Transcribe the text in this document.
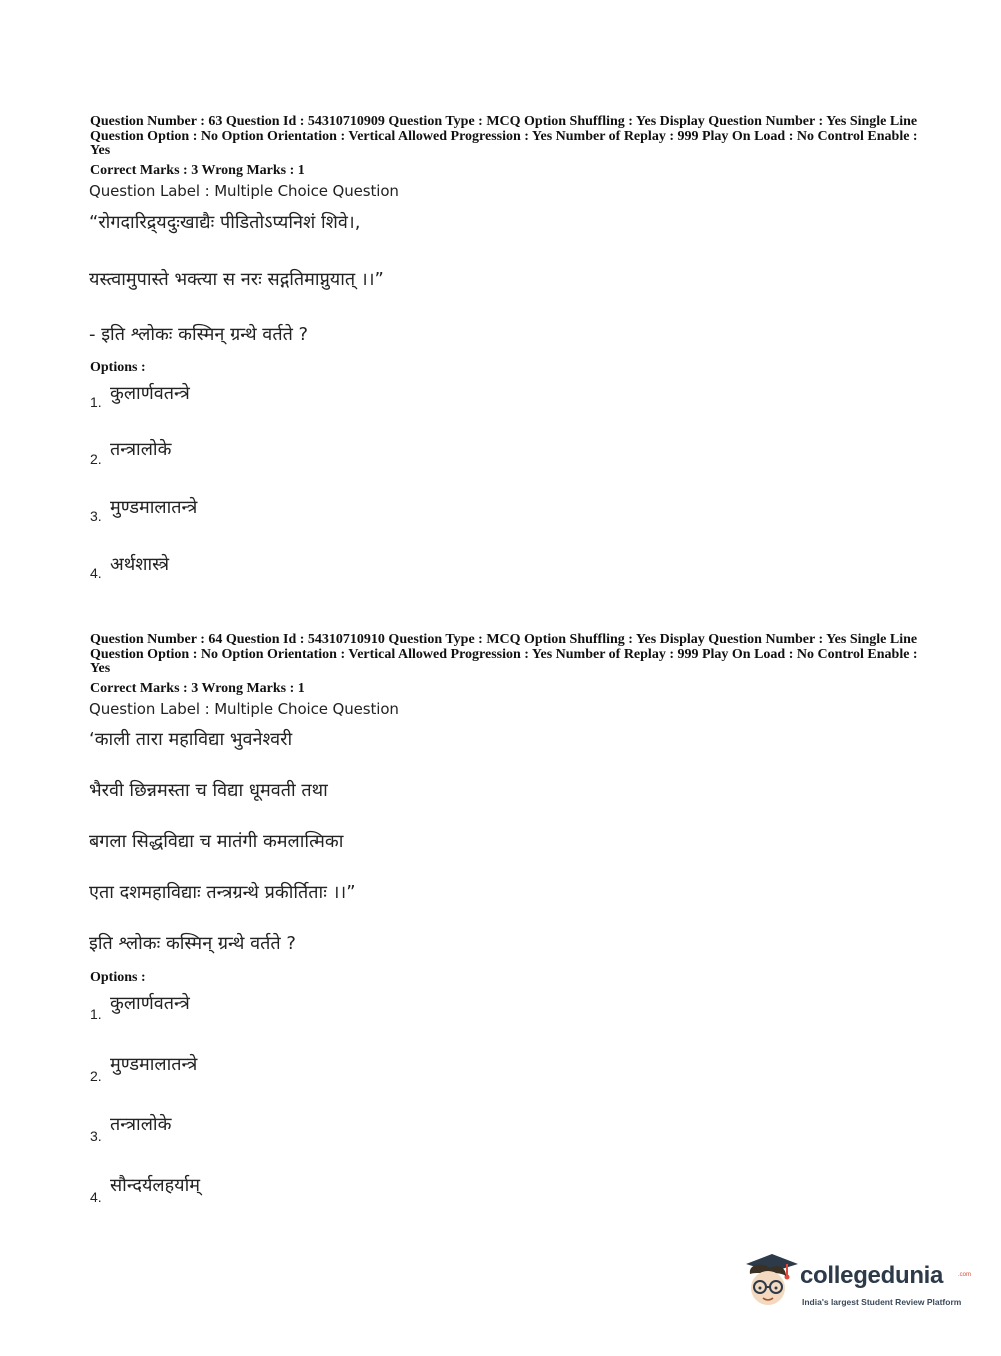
Question Number : 63 Question Id : 54310710909 Question Type : MCQ Option Shuffling : Yes Display Question Number : Yes Single Line Question Option : No Option Orientation : Vertical Allowed Progression : Yes Number of Replay : 999 Play On Load : No Control Enable : Yes
Correct Marks : 3 Wrong Marks : 1
Question Label : Multiple Choice Question
“रोगदारिद्र्यदुःखाद्यैः पीडितोऽप्यनिशं शिवे।,
यस्त्वामुपास्ते भक्त्या स नरः सद्गतिमाप्नुयात् ।।”
- इति श्लोकः कस्मिन् ग्रन्थे वर्तते ?
Options :
1. कुलार्णवतन्त्रे
2. तन्त्रालोके
3. मुण्डमालातन्त्रे
4. अर्थशास्त्रे
Question Number : 64 Question Id : 54310710910 Question Type : MCQ Option Shuffling : Yes Display Question Number : Yes Single Line Question Option : No Option Orientation : Vertical Allowed Progression : Yes Number of Replay : 999 Play On Load : No Control Enable : Yes
Correct Marks : 3 Wrong Marks : 1
Question Label : Multiple Choice Question
‘काली तारा महाविद्या भुवनेश्वरी
भैरवी छिन्नमस्ता च विद्या धूमवती तथा
बगला सिद्धविद्या च मातंगी कमलात्मिका
एता दशमहाविद्याः तन्त्रग्रन्थे प्रकीर्तिताः ।।”
इति श्लोकः कस्मिन् ग्रन्थे वर्तते ?
Options :
1. कुलार्णवतन्त्रे
2.
मुण्डमालातन्त्रे
3.
तन्त्रालोके
4.
सौन्दर्यलहर्याम्
collegedunia .com
India's largest Student Review Platform
